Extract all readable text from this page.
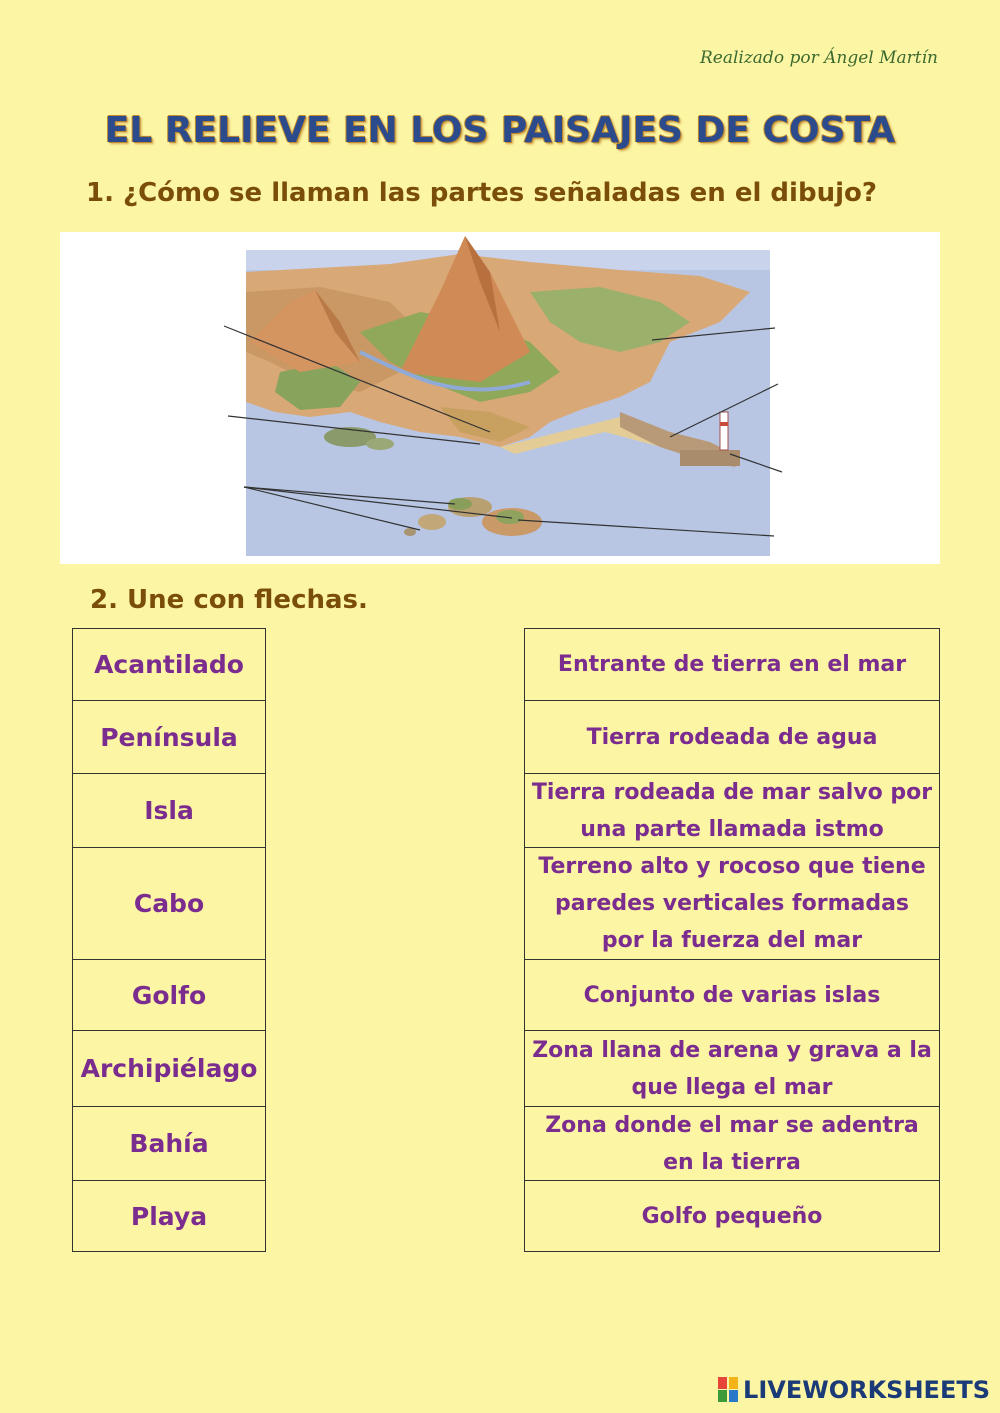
Realizado por Ángel Martín
EL RELIEVE EN LOS PAISAJES DE COSTA
1. ¿Cómo se llaman las partes señaladas en el dibujo?
2. Une con flechas.
Acantilado
Península
Isla
Cabo
Golfo
Archipiélago
Bahía
Playa
Entrante de tierra en el mar
Tierra rodeada de agua
Tierra rodeada de mar salvo por una parte llamada istmo
Terreno alto y rocoso que tiene paredes verticales formadas por la fuerza del mar
Conjunto de varias islas
Zona llana de arena y grava a la que llega el mar
Zona donde el mar se adentra en la tierra
Golfo pequeño
LIVEWORKSHEETS
